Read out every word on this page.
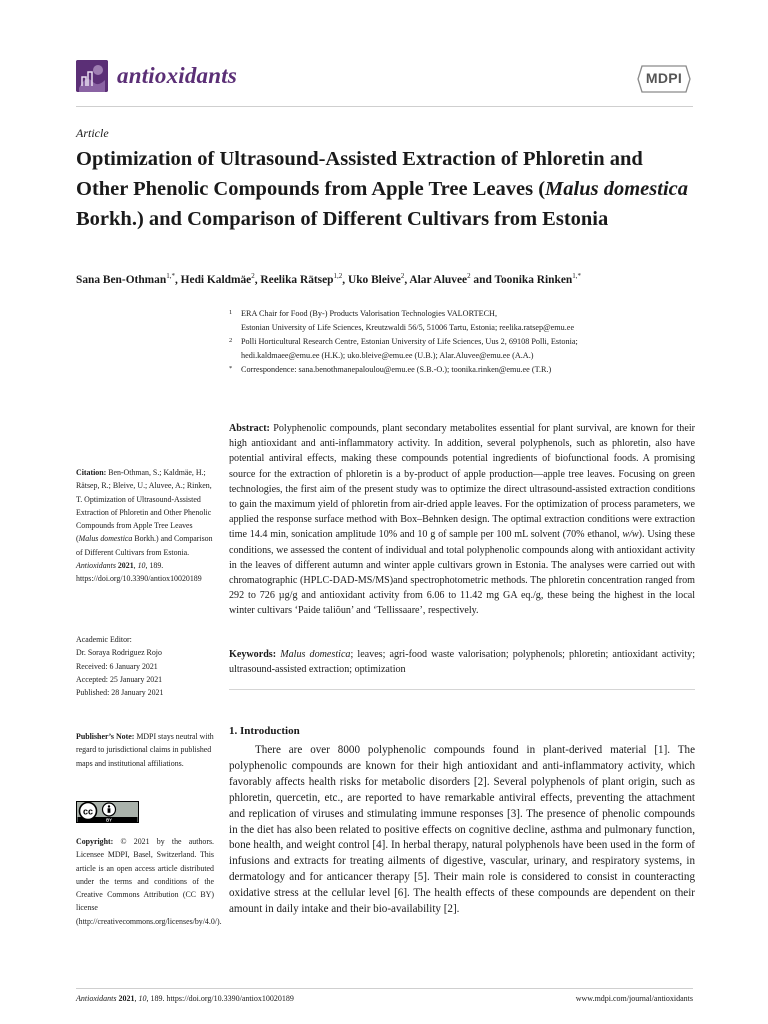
antioxidants	MDPI
Article
Optimization of Ultrasound-Assisted Extraction of Phloretin and Other Phenolic Compounds from Apple Tree Leaves (Malus domestica Borkh.) and Comparison of Different Cultivars from Estonia
Sana Ben-Othman$^{1,*}$, Hedi Kaldmäe$^2$, Reelika Rätsep$^{1,2}$, Uko Bleive$^2$, Alar Aluvee$^2$ and Toonika Rinken$^{1,*}$
1 ERA Chair for Food (By-) Products Valorisation Technologies VALORTECH,
Estonian University of Life Sciences, Kreutzwaldi 56/5, 51006 Tartu, Estonia; reelika.ratsep@emu.ee
2 Polli Horticultural Research Centre, Estonian University of Life Sciences, Uus 2, 69108 Polli, Estonia;
hedi.kaldmaee@emu.ee (H.K.); uko.bleive@emu.ee (U.B.); Alar.Aluvee@emu.ee (A.A.)
* Correspondence: sana.benothmanepaloulou@emu.ee (S.B.-O.); toonika.rinken@emu.ee (T.R.)
Abstract: Polyphenolic compounds, plant secondary metabolites essential for plant survival, are known for their high antioxidant and anti-inflammatory activity. In addition, several polyphenols, such as phloretin, also have potential antiviral effects, making these compounds potential ingredients of biofunctional foods. A promising source for the extraction of phloretin is a by-product of apple production—apple tree leaves. Focusing on green technologies, the first aim of the present study was to optimize the direct ultrasound-assisted extraction conditions to gain the maximum yield of phloretin from air-dried apple leaves. For the optimization of process parameters, we applied the response surface method with Box–Behnken design. The optimal extraction conditions were extraction time 14.4 min, sonication amplitude 10% and 10 g of sample per 100 mL solvent (70% ethanol, w/w). Using these conditions, we assessed the content of individual and total polyphenolic compounds along with antioxidant activity in the leaves of different autumn and winter apple cultivars grown in Estonia. The analyses were carried out with chromatographic (HPLC-DAD-MS/MS)and spectrophotometric methods. The phloretin concentration ranged from 292 to 726 µg/g and antioxidant activity from 6.06 to 11.42 mg GA eq./g, these being the highest in the local winter cultivars ‘Paide taliõun’ and ‘Tellissaare’, respectively.
Keywords: Malus domestica; leaves; agri-food waste valorisation; polyphenols; phloretin; antioxidant activity; ultrasound-assisted extraction; optimization
Citation: Ben-Othman, S.; Kaldmäe, H.; Rätsep, R.; Bleive, U.; Aluvee, A.; Rinken, T. Optimization of Ultrasound-Assisted Extraction of Phloretin and Other Phenolic Compounds from Apple Tree Leaves (Malus domestica Borkh.) and Comparison of Different Cultivars from Estonia. Antioxidants 2021, 10, 189. https://doi.org/10.3390/antiox10020189

Academic Editor:

Dr. Soraya Rodriguez Rojo

Received: 6 January 2021

Accepted: 25 January 2021

Published: 28 January 2021

Publisher’s Note: MDPI stays neutral with regard to jurisdictional claims in published maps and institutional affiliations.
cc
BY
Copyright: © 2021 by the authors. Licensee MDPI, Basel, Switzerland. This article is an open access article distributed under the terms and conditions of the Creative Commons Attribution (CC BY) license (http://creativecommons.org/licenses/by/4.0/).
1. Introduction
There are over 8000 polyphenolic compounds found in plant-derived material [1]. The polyphenolic compounds are known for their high antioxidant and anti-inflammatory activity, which favorably affects health risks for metabolic disorders [2]. Several polyphenols of plant origin, such as phloretin, quercetin, etc., are reported to have remarkable antiviral effects, preventing the attachment and replication of viruses and stimulating immune responses [3]. The presence of phenolic compounds in the diet has also been related to positive effects on cognitive decline, asthma and pulmonary function, bone health, and weight control [4]. In herbal therapy, natural polyphenols have been used in the form of infusions and extracts for treating ailments of digestive, vascular, urinary, and respiratory systems, in dermatology and for anticancer therapy [5]. Their main role is considered to consist in counteracting oxidative stress at the cellular level [6]. The health effects of these compounds are dependent on their amount in daily intake and their bio-availability [2].
Antioxidants 2021, 10, 189. https://doi.org/10.3390/antiox10020189	www.mdpi.com/journal/antioxidants
